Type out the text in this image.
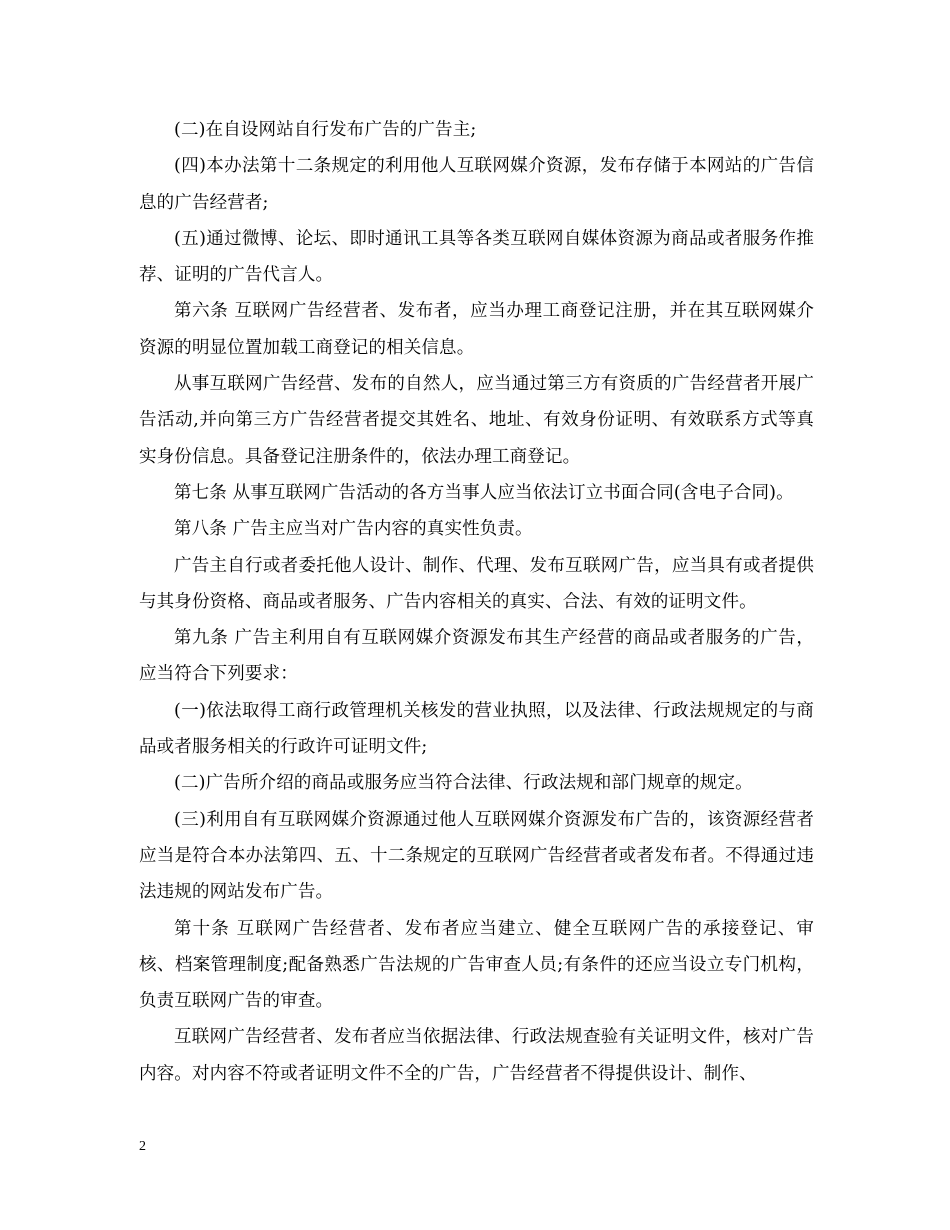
(二)在自设网站自行发布广告的广告主;

(四)本办法第十二条规定的利用他人互联网媒介资源，发布存储于本网站的广告信息的广告经营者;

(五)通过微博、论坛、即时通讯工具等各类互联网自媒体资源为商品或者服务作推荐、证明的广告代言人。

第六条 互联网广告经营者、发布者，应当办理工商登记注册，并在其互联网媒介资源的明显位置加载工商登记的相关信息。

从事互联网广告经营、发布的自然人，应当通过第三方有资质的广告经营者开展广告活动,并向第三方广告经营者提交其姓名、地址、有效身份证明、有效联系方式等真实身份信息。具备登记注册条件的，依法办理工商登记。

第七条 从事互联网广告活动的各方当事人应当依法订立书面合同(含电子合同)。

第八条 广告主应当对广告内容的真实性负责。

广告主自行或者委托他人设计、制作、代理、发布互联网广告，应当具有或者提供与其身份资格、商品或者服务、广告内容相关的真实、合法、有效的证明文件。

第九条 广告主利用自有互联网媒介资源发布其生产经营的商品或者服务的广告，应当符合下列要求：

(一)依法取得工商行政管理机关核发的营业执照，以及法律、行政法规规定的与商品或者服务相关的行政许可证明文件;

(二)广告所介绍的商品或服务应当符合法律、行政法规和部门规章的规定。

(三)利用自有互联网媒介资源通过他人互联网媒介资源发布广告的，该资源经营者应当是符合本办法第四、五、十二条规定的互联网广告经营者或者发布者。不得通过违法违规的网站发布广告。

第十条 互联网广告经营者、发布者应当建立、健全互联网广告的承接登记、审核、档案管理制度;配备熟悉广告法规的广告审查人员;有条件的还应当设立专门机构，负责互联网广告的审查。

互联网广告经营者、发布者应当依据法律、行政法规查验有关证明文件，核对广告内容。对内容不符或者证明文件不全的广告，广告经营者不得提供设计、制作、

2
